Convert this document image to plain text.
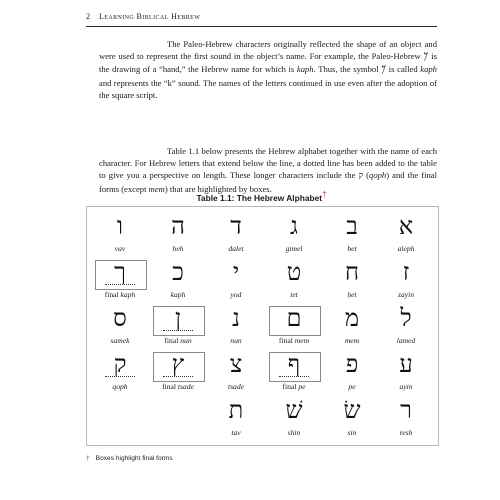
2 Learning Biblical Hebrew

The Paleo-Hebrew characters originally reflected the shape of an object and were used to represent the first sound in the object’s name. For example, the Paleo-Hebrew 𐤊 is the drawing of a “hand,” the Hebrew name for which is kaph. Thus, the symbol 𐤊 is called kaph and represents the “k” sound. The names of the letters continued in use even after the adoption of the square script.

Table 1.1 below presents the Hebrew alphabet together with the name of each character. For Hebrew letters that extend below the line, a dotted line has been added to the table to give you a perspective on length. These longer characters include the ק (qoph) and the final forms (except mem) that are highlighted by boxes.

Table 1.1: The Hebrew Alphabet†
ו
vav
ה
heh
ד
dalet
ג
gimel
ב
bet
א
aleph
ך
final kaph
כ
kaph
י
yod
ט
tet
ח
ḥet
ז
zayin
ס
samek
ן
final nun
נ
nun
ם
final mem
מ
mem
ל
lamed
ק
qoph
ץ
final tsade
צ
tsade
ף
final pe
פ
pe
ע
ayin
ת
tav
שׁ
shin
שׂ
sin
ר
resh
† Boxes highlight final forms
